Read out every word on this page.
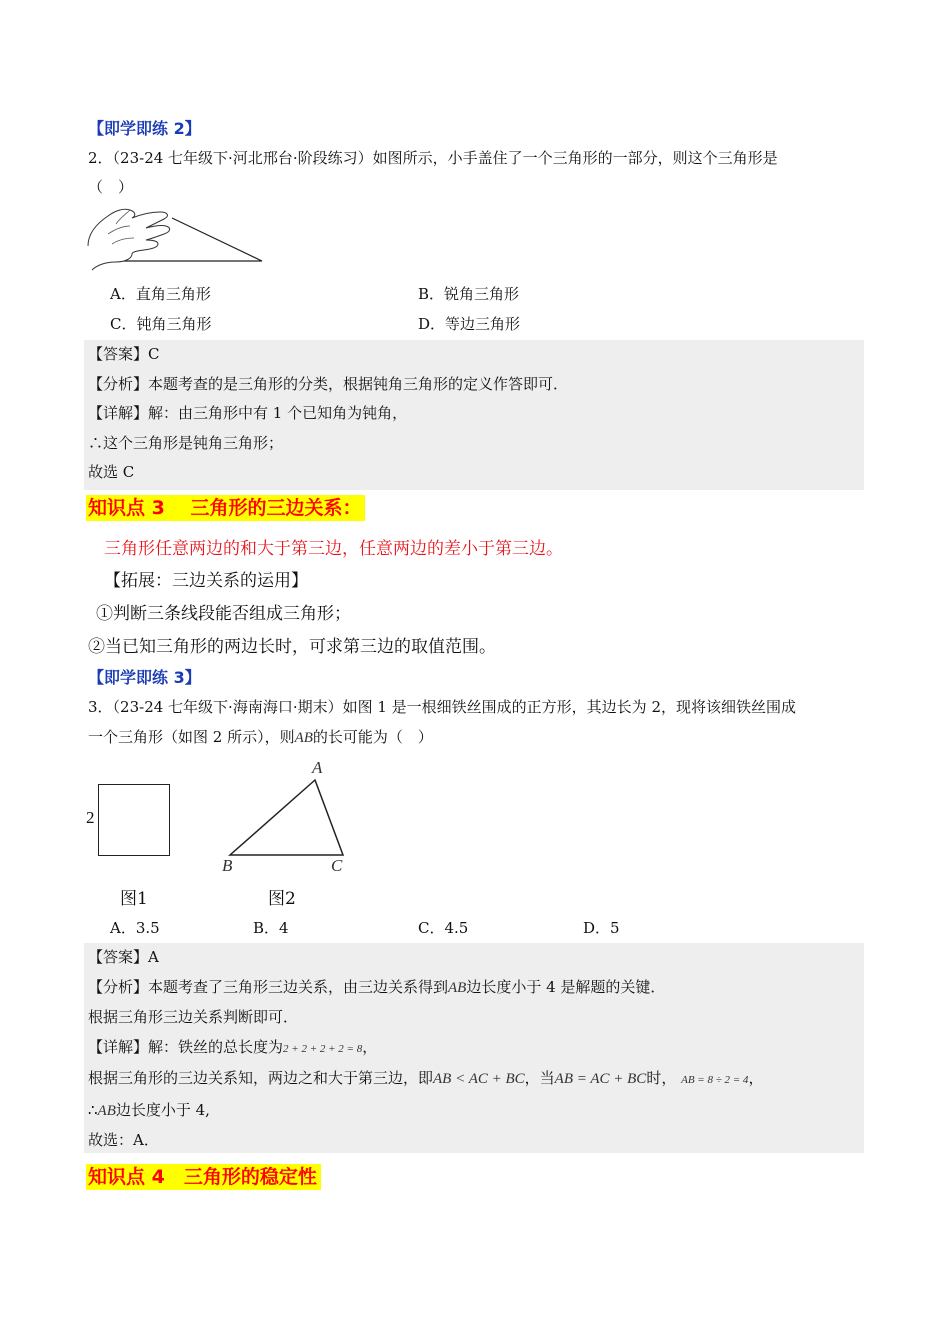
【即学即练 2】
2．（23-24 七年级下·河北邢台·阶段练习）如图所示，小手盖住了一个三角形的一部分，则这个三角形是
（　）
A．直角三角形	B．锐角三角形
C．钝角三角形	D．等边三角形
【答案】C
【分析】本题考查的是三角形的分类，根据钝角三角形的定义作答即可．
【详解】解：由三角形中有 1 个已知角为钝角，
∴这个三角形是钝角三角形；
故选 C
知识点 3　 三角形的三边关系：
三角形任意两边的和大于第三边，任意两边的差小于第三边。
【拓展：三边关系的运用】
①判断三条线段能否组成三角形；
②当已知三角形的两边长时，可求第三边的取值范围。
【即学即练 3】
3．（23-24 七年级下·海南海口·期末）如图 1 是一根细铁丝围成的正方形，其边长为 2，现将该细铁丝围成
一个三角形（如图 2 所示），则AB的长可能为（　）
2
图1
A
B	C
图2
A．3.5	B．4	C．4.5	D．5
【答案】A
【分析】本题考查了三角形三边关系，由三边关系得到AB边长度小于 4 是解题的关键．
根据三角形三边关系判断即可．
【详解】解：铁丝的总长度为2 + 2 + 2 + 2 = 8，
根据三角形的三边关系知，两边之和大于第三边，即AB < AC + BC，当AB = AC + BC时， AB = 8 ÷ 2 = 4，
∴AB边长度小于 4,
故选：A．
知识点 4　三角形的稳定性
